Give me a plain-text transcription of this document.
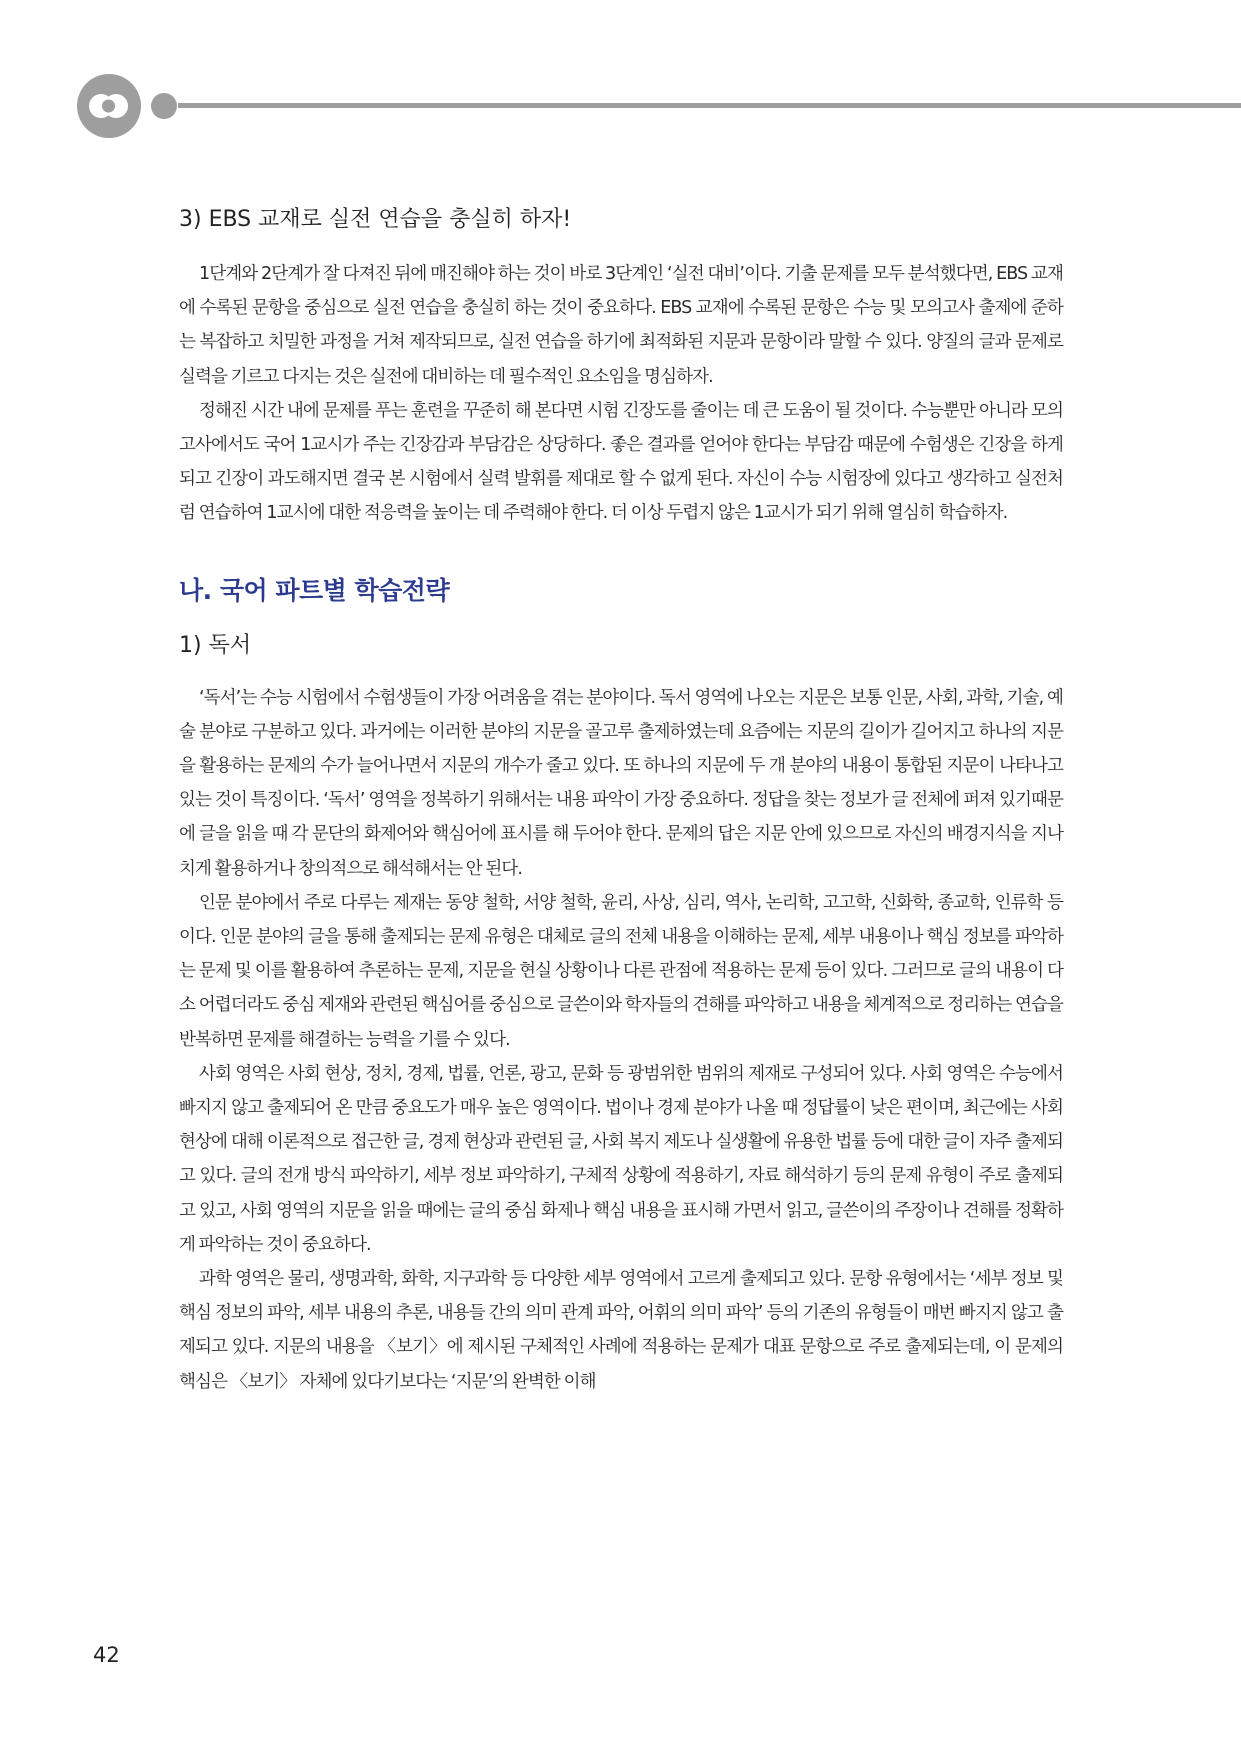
3) EBS 교재로 실전 연습을 충실히 하자!

1단계와 2단계가 잘 다져진 뒤에 매진해야 하는 것이 바로 3단계인 ‘실전 대비’이다. 기출 문제를 모두 분석했다면, EBS 교재에 수록된 문항을 중심으로 실전 연습을 충실히 하는 것이 중요하다. EBS 교재에 수록된 문항은 수능 및 모의고사 출제에 준하는 복잡하고 치밀한 과정을 거쳐 제작되므로, 실전 연습을 하기에 최적화된 지문과 문항이라 말할 수 있다. 양질의 글과 문제로 실력을 기르고 다지는 것은 실전에 대비하는 데 필수적인 요소임을 명심하자.

정해진 시간 내에 문제를 푸는 훈련을 꾸준히 해 본다면 시험 긴장도를 줄이는 데 큰 도움이 될 것이다. 수능뿐만 아니라 모의고사에서도 국어 1교시가 주는 긴장감과 부담감은 상당하다. 좋은 결과를 얻어야 한다는 부담감 때문에 수험생은 긴장을 하게 되고 긴장이 과도해지면 결국 본 시험에서 실력 발휘를 제대로 할 수 없게 된다. 자신이 수능 시험장에 있다고 생각하고 실전처럼 연습하여 1교시에 대한 적응력을 높이는 데 주력해야 한다. 더 이상 두렵지 않은 1교시가 되기 위해 열심히 학습하자.

나. 국어 파트별 학습전략
1) 독서

‘독서’는 수능 시험에서 수험생들이 가장 어려움을 겪는 분야이다. 독서 영역에 나오는 지문은 보통 인문, 사회, 과학, 기술, 예술 분야로 구분하고 있다. 과거에는 이러한 분야의 지문을 골고루 출제하였는데 요즘에는 지문의 길이가 길어지고 하나의 지문을 활용하는 문제의 수가 늘어나면서 지문의 개수가 줄고 있다. 또 하나의 지문에 두 개 분야의 내용이 통합된 지문이 나타나고 있는 것이 특징이다. ‘독서’ 영역을 정복하기 위해서는 내용 파악이 가장 중요하다. 정답을 찾는 정보가 글 전체에 퍼져 있기때문에 글을 읽을 때 각 문단의 화제어와 핵심어에 표시를 해 두어야 한다. 문제의 답은 지문 안에 있으므로 자신의 배경지식을 지나치게 활용하거나 창의적으로 해석해서는 안 된다.

인문 분야에서 주로 다루는 제재는 동양 철학, 서양 철학, 윤리, 사상, 심리, 역사, 논리학, 고고학, 신화학, 종교학, 인류학 등이다. 인문 분야의 글을 통해 출제되는 문제 유형은 대체로 글의 전체 내용을 이해하는 문제, 세부 내용이나 핵심 정보를 파악하는 문제 및 이를 활용하여 추론하는 문제, 지문을 현실 상황이나 다른 관점에 적용하는 문제 등이 있다. 그러므로 글의 내용이 다소 어렵더라도 중심 제재와 관련된 핵심어를 중심으로 글쓴이와 학자들의 견해를 파악하고 내용을 체계적으로 정리하는 연습을 반복하면 문제를 해결하는 능력을 기를 수 있다.

사회 영역은 사회 현상, 정치, 경제, 법률, 언론, 광고, 문화 등 광범위한 범위의 제재로 구성되어 있다. 사회 영역은 수능에서 빠지지 않고 출제되어 온 만큼 중요도가 매우 높은 영역이다. 법이나 경제 분야가 나올 때 정답률이 낮은 편이며, 최근에는 사회 현상에 대해 이론적으로 접근한 글, 경제 현상과 관련된 글, 사회 복지 제도나 실생활에 유용한 법률 등에 대한 글이 자주 출제되고 있다. 글의 전개 방식 파악하기, 세부 정보 파악하기, 구체적 상황에 적용하기, 자료 해석하기 등의 문제 유형이 주로 출제되고 있고, 사회 영역의 지문을 읽을 때에는 글의 중심 화제나 핵심 내용을 표시해 가면서 읽고, 글쓴이의 주장이나 견해를 정확하게 파악하는 것이 중요하다.

과학 영역은 물리, 생명과학, 화학, 지구과학 등 다양한 세부 영역에서 고르게 출제되고 있다. 문항 유형에서는 ‘세부 정보 및 핵심 정보의 파악, 세부 내용의 추론, 내용들 간의 의미 관계 파악, 어휘의 의미 파악’ 등의 기존의 유형들이 매번 빠지지 않고 출제되고 있다. 지문의 내용을 〈보기〉에 제시된 구체적인 사례에 적용하는 문제가 대표 문항으로 주로 출제되는데, 이 문제의 핵심은 〈보기〉 자체에 있다기보다는 ‘지문’의 완벽한 이해

42
